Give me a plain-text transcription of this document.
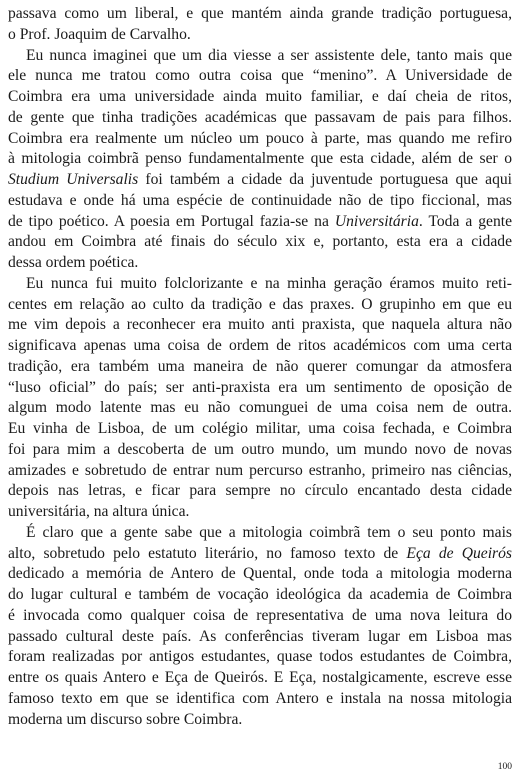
passava como um liberal, e que mantém ainda grande tradição portuguesa,
o Prof. Joaquim de Carvalho.
Eu nunca imaginei que um dia viesse a ser assistente dele, tanto mais que
ele nunca me tratou como outra coisa que “menino”. A Universidade de
Coimbra era uma universidade ainda muito familiar, e daí cheia de ritos,
de gente que tinha tradições académicas que passavam de pais para filhos.
Coimbra era realmente um núcleo um pouco à parte, mas quando me refiro
à mitologia coimbrã penso fundamentalmente que esta cidade, além de ser o
Studium Universalis foi também a cidade da juventude portuguesa que aqui
estudava e onde há uma espécie de continuidade não de tipo ficcional, mas
de tipo poético. A poesia em Portugal fazia-se na Universitária. Toda a gente
andou em Coimbra até finais do século xix e, portanto, esta era a cidade
dessa ordem poética.
Eu nunca fui muito folclorizante e na minha geração éramos muito reti-
centes em relação ao culto da tradição e das praxes. O grupinho em que eu
me vim depois a reconhecer era muito anti praxista, que naquela altura não
significava apenas uma coisa de ordem de ritos académicos com uma certa
tradição, era também uma maneira de não querer comungar da atmosfera
“luso oficial” do país; ser anti-praxista era um sentimento de oposição de
algum modo latente mas eu não comunguei de uma coisa nem de outra.
Eu vinha de Lisboa, de um colégio militar, uma coisa fechada, e Coimbra
foi para mim a descoberta de um outro mundo, um mundo novo de novas
amizades e sobretudo de entrar num percurso estranho, primeiro nas ciências,
depois nas letras, e ficar para sempre no círculo encantado desta cidade
universitária, na altura única.
É claro que a gente sabe que a mitologia coimbrã tem o seu ponto mais
alto, sobretudo pelo estatuto literário, no famoso texto de Eça de Queirós
dedicado a memória de Antero de Quental, onde toda a mitologia moderna
do lugar cultural e também de vocação ideológica da academia de Coimbra
é invocada como qualquer coisa de representativa de uma nova leitura do
passado cultural deste país. As conferências tiveram lugar em Lisboa mas
foram realizadas por antigos estudantes, quase todos estudantes de Coimbra,
entre os quais Antero e Eça de Queirós. E Eça, nostalgicamente, escreve esse
famoso texto em que se identifica com Antero e instala na nossa mitologia
moderna um discurso sobre Coimbra.
100
